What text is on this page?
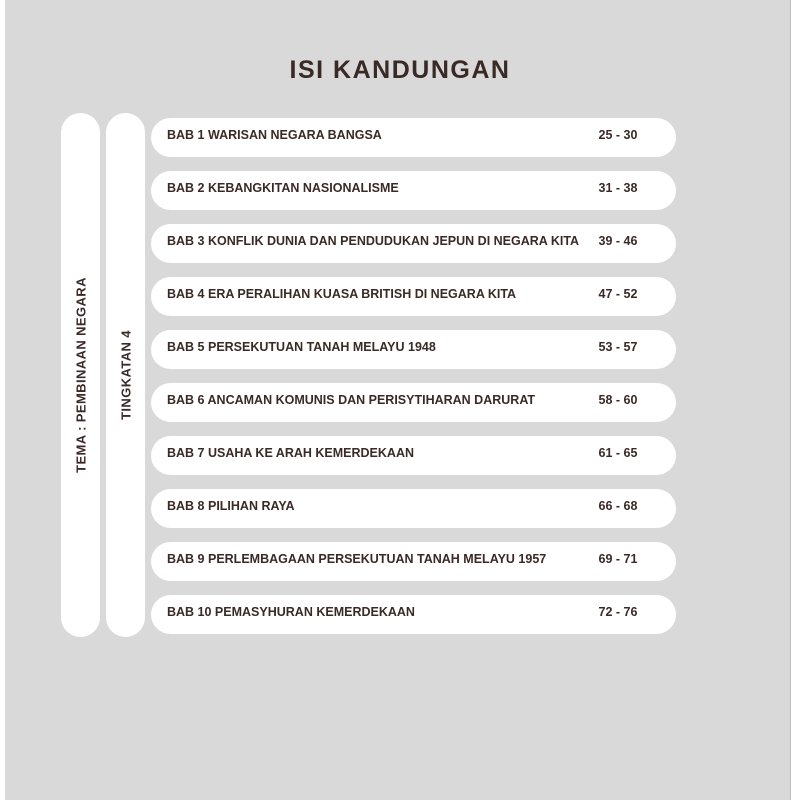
ISI KANDUNGAN
TEMA : PEMBINAAN NEGARA TINGKATAN 4
BAB 1 WARISAN NEGARA BANGSA	25 - 30
BAB 2 KEBANGKITAN NASIONALISME	31 - 38
BAB 3 KONFLIK DUNIA DAN PENDUDUKAN JEPUN DI NEGARA KITA	39 - 46
BAB 4 ERA PERALIHAN KUASA BRITISH DI NEGARA KITA	47 - 52
BAB 5 PERSEKUTUAN TANAH MELAYU 1948	53 - 57
BAB 6 ANCAMAN KOMUNIS DAN PERISYTIHARAN DARURAT	58 - 60
BAB 7 USAHA KE ARAH KEMERDEKAAN	61 - 65
BAB 8 PILIHAN RAYA	66 - 68
BAB 9 PERLEMBAGAAN PERSEKUTUAN TANAH MELAYU 1957	69 - 71
BAB 10 PEMASYHURAN KEMERDEKAAN	72 - 76
